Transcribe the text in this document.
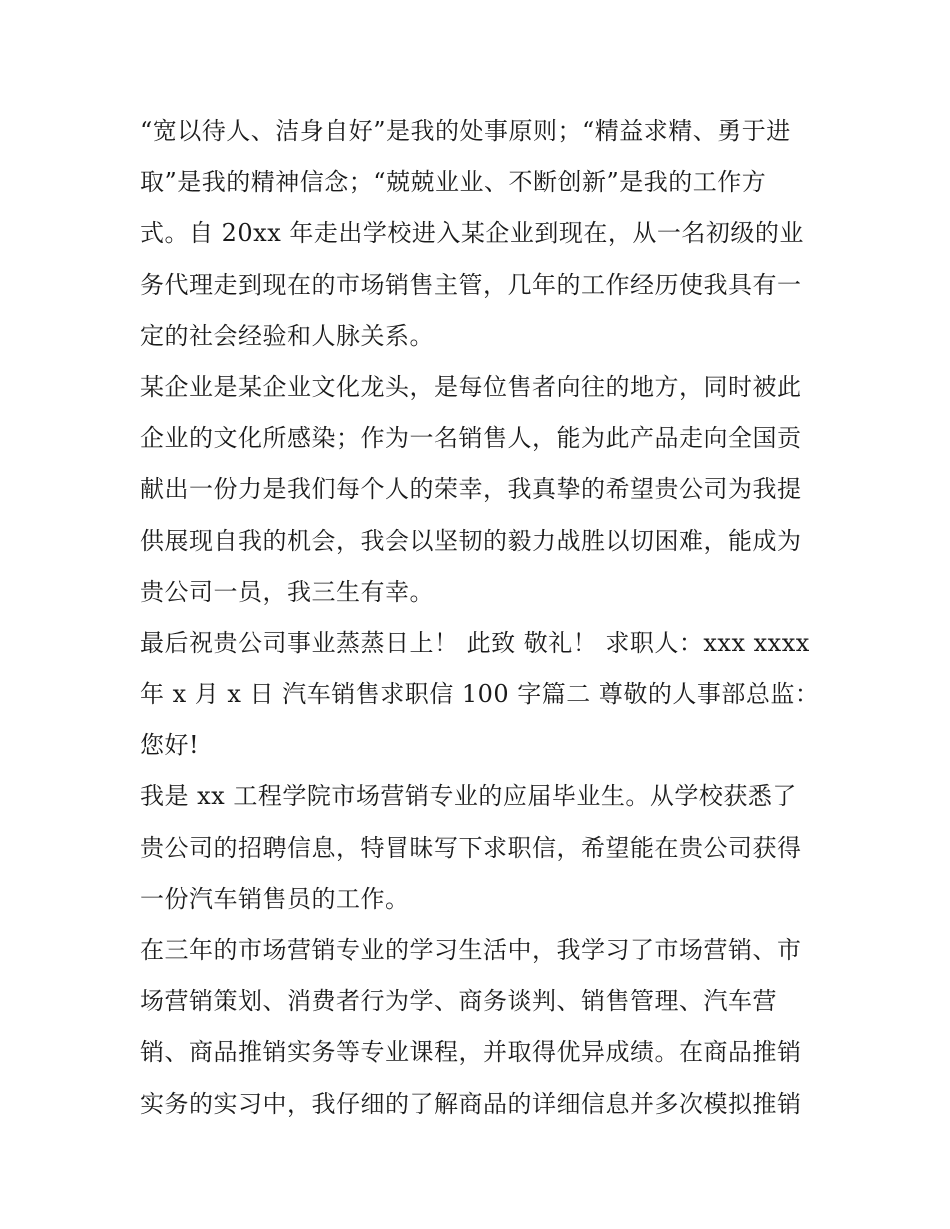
“宽以待人、洁身自好”是我的处事原则；“精益求精、勇于进
取”是我的精神信念；“兢兢业业、不断创新”是我的工作方
式。自 20xx 年走出学校进入某企业到现在，从一名初级的业
务代理走到现在的市场销售主管，几年的工作经历使我具有一
定的社会经验和人脉关系。
某企业是某企业文化龙头，是每位售者向往的地方，同时被此
企业的文化所感染；作为一名销售人，能为此产品走向全国贡
献出一份力是我们每个人的荣幸，我真挚的希望贵公司为我提
供展现自我的机会，我会以坚韧的毅力战胜以切困难，能成为
贵公司一员，我三生有幸。
最后祝贵公司事业蒸蒸日上！ 此致 敬礼！ 求职人：xxx xxxx
年 x 月 x 日 汽车销售求职信 100 字篇二 尊敬的人事部总监：
您好!
我是 xx 工程学院市场营销专业的应届毕业生。从学校获悉了
贵公司的招聘信息，特冒昧写下求职信，希望能在贵公司获得
一份汽车销售员的工作。
在三年的市场营销专业的学习生活中，我学习了市场营销、市
场营销策划、消费者行为学、商务谈判、销售管理、汽车营
销、商品推销实务等专业课程，并取得优异成绩。在商品推销
实务的实习中，我仔细的了解商品的详细信息并多次模拟推销
